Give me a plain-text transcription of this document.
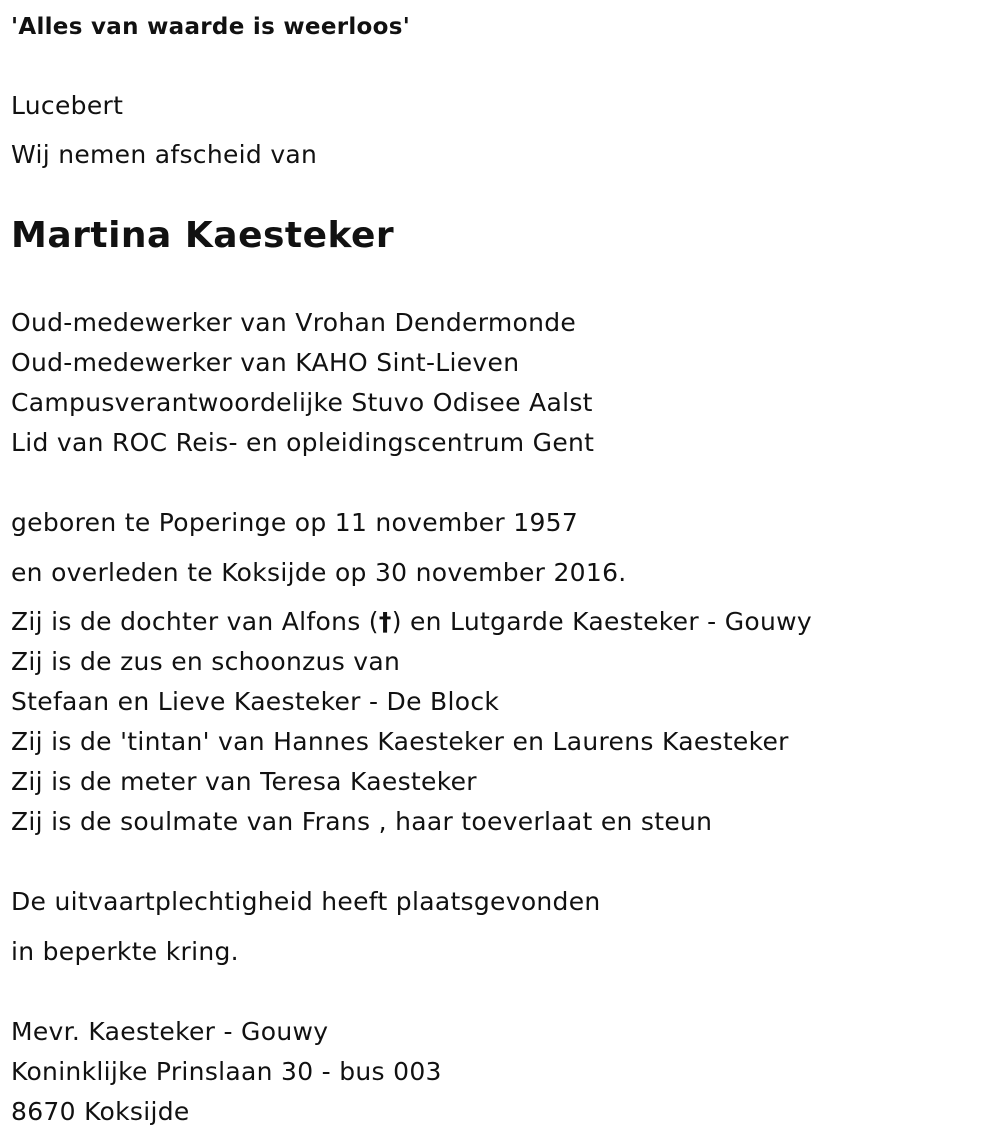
'Alles van waarde is weerloos'
Lucebert
Wij nemen afscheid van
Martina Kaesteker
Oud-medewerker van Vrohan Dendermonde
Oud-medewerker van KAHO Sint-Lieven
Campusverantwoordelijke Stuvo Odisee Aalst
Lid van ROC Reis- en opleidingscentrum Gent
geboren te Poperinge op 11 november 1957
en overleden te Koksijde op 30 november 2016.
Zij is de dochter van Alfons (†) en Lutgarde Kaesteker - Gouwy
Zij is de zus en schoonzus van
Stefaan en Lieve Kaesteker - De Block
Zij is de 'tintan' van Hannes Kaesteker en Laurens Kaesteker
Zij is de meter van Teresa Kaesteker
Zij is de soulmate van Frans , haar toeverlaat en steun
De uitvaartplechtigheid heeft plaatsgevonden
in beperkte kring.
Mevr. Kaesteker - Gouwy
Koninklijke Prinslaan 30 - bus 003
8670 Koksijde
